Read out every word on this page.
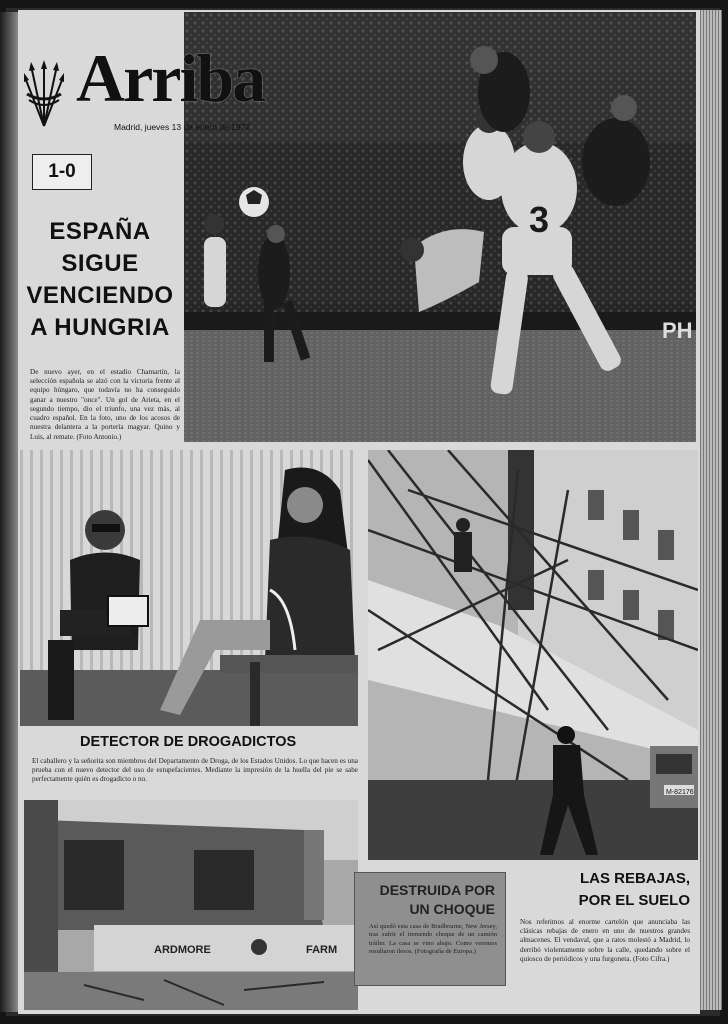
Arriba
Madrid, jueves 13 de enero de 1972
3
PH
1-0
ESPAÑA
SIGUE
VENCIENDO
A HUNGRIA
De nuevo ayer, en el estadio Chamartín, la selección española se alzó con la victoria frente al equipo húngaro, que todavía no ha conseguido ganar a nuestro "once". Un gol de Arieta, en el segundo tiempo, dio el triunfo, una vez más, al cuadro español. En la foto, uno de los acosos de nuestra delantera a la portería magyar. Quino y Luis, al remate. (Foto Antonio.)
DETECTOR DE DROGADICTOS
El caballero y la señorita son miembros del Departamento de Droga, de los Estados Unidos. Lo que hacen es una prueba con el nuevo detector del uso de estupefacientes. Mediante la impresión de la huella del pie se sabe perfectamente quién es drogadicto o no.
M-82176
ARDMORE	FARM
DESTRUIDA POR
UN CHOQUE
Así quedó esta casa de Bradbourne, New Jersey, tras sufrir el tremendo choque de un camión tráiler. La casa se vino abajo. Como veremos resultaron ilesos. (Fotografía de Europa.)
LAS REBAJAS,
POR EL SUELO
Nos referimos al enorme cartelón que anunciaba las clásicas rebajas de enero en uno de nuestros grandes almacenes. El vendaval, que a ratos molestó a Madrid, lo derribó violentamente sobre la calle, quedando sobre el quiosco de periódicos y una furgoneta. (Foto Cifra.)
